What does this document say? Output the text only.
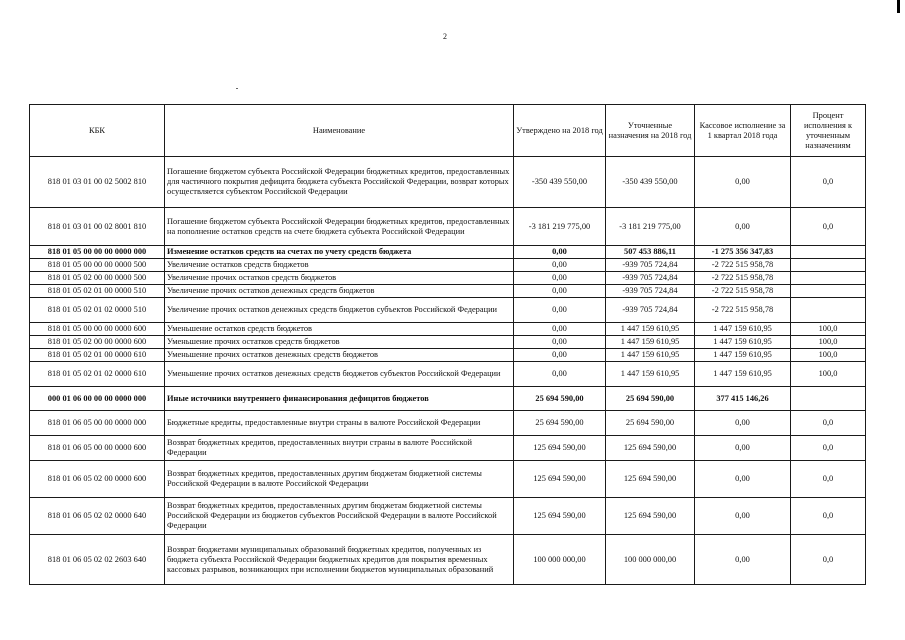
2
КБК	Наименование	Утверждено на 2018 год	Уточненные назначения на 2018 год	Кассовое исполнение за 1 квартал 2018 года	Процент исполнения к уточненным назначениям
818 01 03 01 00 02 5002 810	Погашение бюджетом субъекта Российской Федерации бюджетных кредитов, предоставленных для частичного покрытия дефицита бюджета субъекта Российской Федерации, возврат которых осуществляется субъектом Российской Федерации	-350 439 550,00	-350 439 550,00	0,00	0,0
818 01 03 01 00 02 8001 810	Погашение бюджетом субъекта Российской Федерации бюджетных кредитов, предоставленных на пополнение остатков средств на счете бюджета субъекта Российской Федерации	-3 181 219 775,00	-3 181 219 775,00	0,00	0,0
818 01 05 00 00 00 0000 000	Изменение остатков средств на счетах по учету средств бюджета	0,00	507 453 886,11	-1 275 356 347,83	
818 01 05 00 00 00 0000 500	Увеличение остатков средств бюджетов	0,00	-939 705 724,84	-2 722 515 958,78	
818 01 05 02 00 00 0000 500	Увеличение прочих остатков средств бюджетов	0,00	-939 705 724,84	-2 722 515 958,78	
818 01 05 02 01 00 0000 510	Увеличение прочих остатков денежных средств бюджетов	0,00	-939 705 724,84	-2 722 515 958,78	
818 01 05 02 01 02 0000 510	Увеличение прочих остатков денежных средств бюджетов субъектов Российской Федерации	0,00	-939 705 724,84	-2 722 515 958,78	
818 01 05 00 00 00 0000 600	Уменьшение остатков средств бюджетов	0,00	1 447 159 610,95	1 447 159 610,95	100,0
818 01 05 02 00 00 0000 600	Уменьшение прочих остатков средств бюджетов	0,00	1 447 159 610,95	1 447 159 610,95	100,0
818 01 05 02 01 00 0000 610	Уменьшение прочих остатков денежных средств бюджетов	0,00	1 447 159 610,95	1 447 159 610,95	100,0
818 01 05 02 01 02 0000 610	Уменьшение прочих остатков денежных средств бюджетов субъектов Российской Федерации	0,00	1 447 159 610,95	1 447 159 610,95	100,0
000 01 06 00 00 00 0000 000	Иные источники внутреннего финансирования дефицитов бюджетов	25 694 590,00	25 694 590,00	377 415 146,26	
818 01 06 05 00 00 0000 000	Бюджетные кредиты, предоставленные внутри страны в валюте Российской Федерации	25 694 590,00	25 694 590,00	0,00	0,0
818 01 06 05 00 00 0000 600	Возврат бюджетных кредитов, предоставленных внутри страны в валюте Российской Федерации	125 694 590,00	125 694 590,00	0,00	0,0
818 01 06 05 02 00 0000 600	Возврат бюджетных кредитов, предоставленных другим бюджетам бюджетной системы Российской Федерации в валюте Российской Федерации	125 694 590,00	125 694 590,00	0,00	0,0
818 01 06 05 02 02 0000 640	Возврат бюджетных кредитов, предоставленных другим бюджетам бюджетной системы Российской Федерации из бюджетов субъектов Российской Федерации в валюте Российской Федерации	125 694 590,00	125 694 590,00	0,00	0,0
818 01 06 05 02 02 2603 640	Возврат бюджетами муниципальных образований бюджетных кредитов, полученных из бюджета субъекта Российской Федерации бюджетных кредитов для покрытия временных кассовых разрывов, возникающих при исполнении бюджетов муниципальных образований	100 000 000,00	100 000 000,00	0,00	0,0
